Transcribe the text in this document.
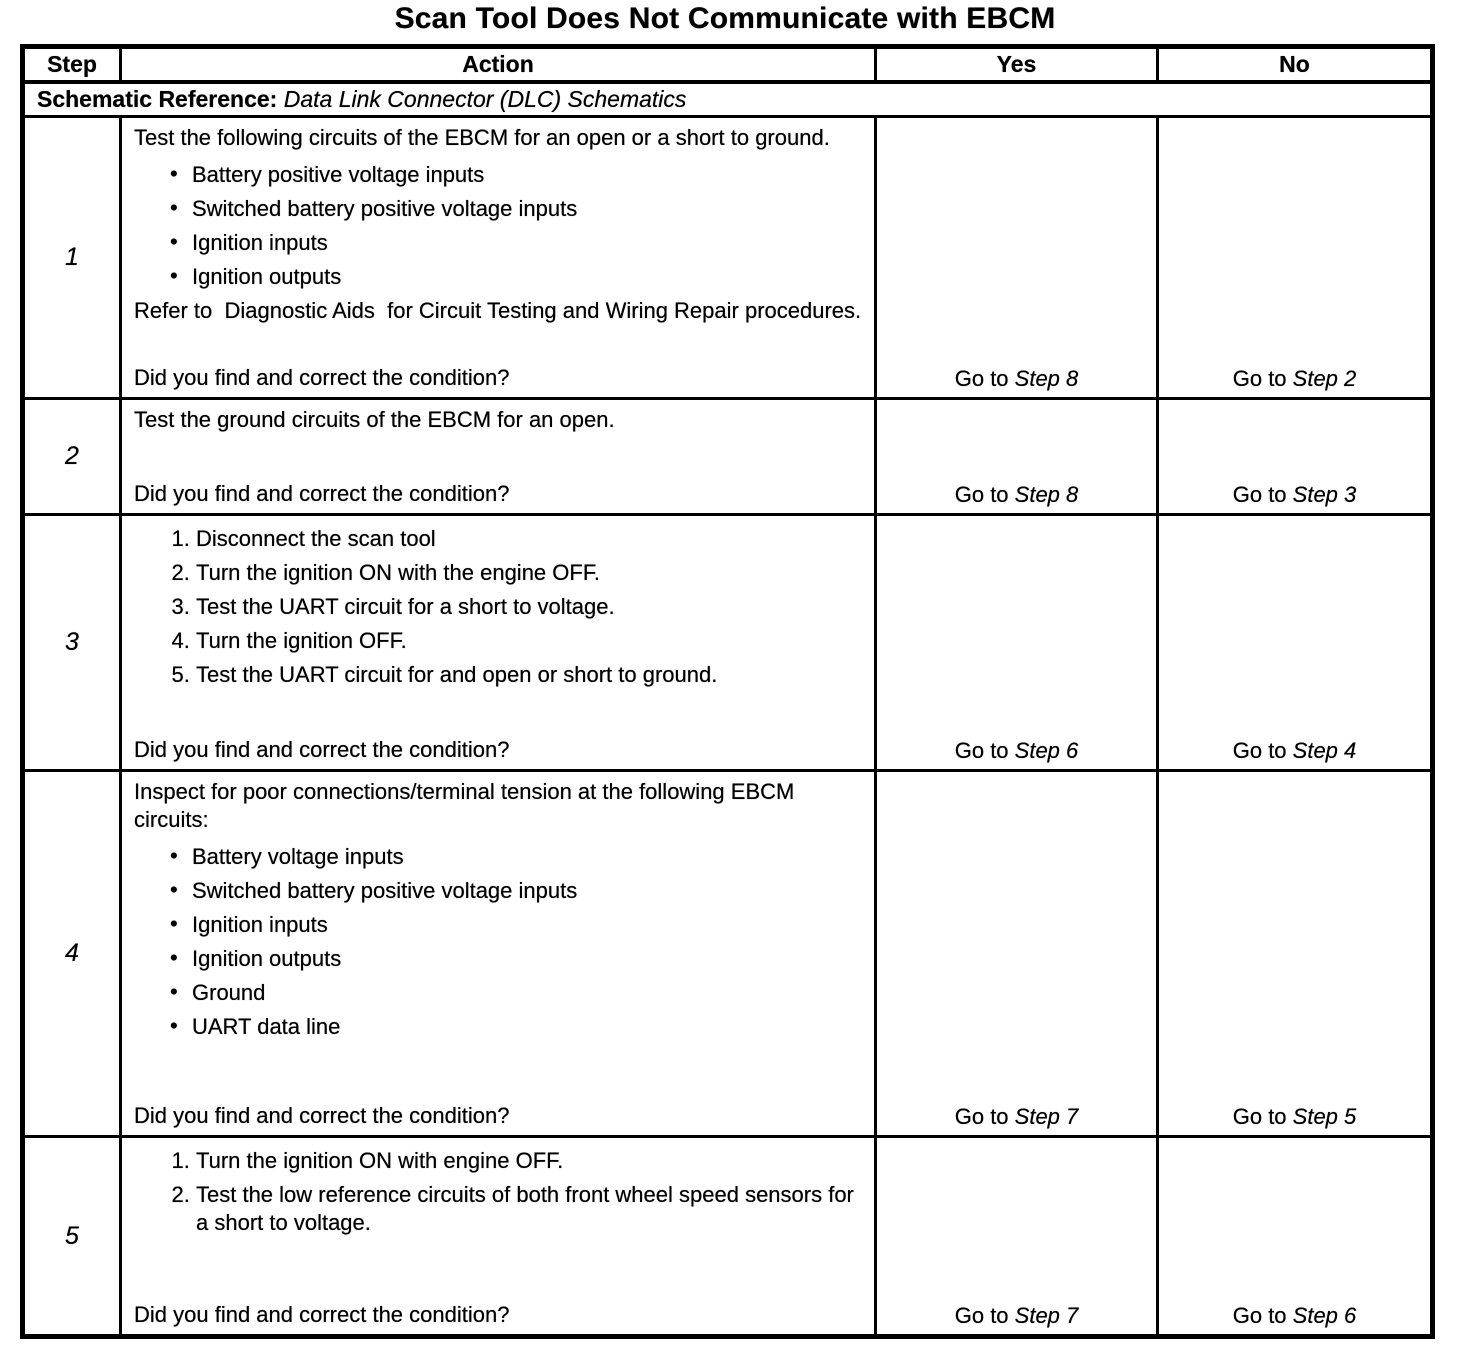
Scan Tool Does Not Communicate with EBCM
Step	Action	Yes	No
Schematic Reference: Data Link Connector (DLC) Schematics			
1	
Test the following circuits of the EBCM for an open or a short to ground.
• Battery positive voltage inputs
• Switched battery positive voltage inputs
• Ignition inputs
• Ignition outputs
Refer to  Diagnostic Aids  for Circuit Testing and Wiring Repair procedures.
Did you find and correct the condition?	Go to Step 8	Go to Step 2

2	Test the ground circuits of the EBCM for an open.
Did you find and correct the condition?	Go to Step 8	Go to Step 3

3	
1. Disconnect the scan tool
2. Turn the ignition ON with the engine OFF.
3. Test the UART circuit for a short to voltage.
4. Turn the ignition OFF.
5. Test the UART circuit for and open or short to ground.
Did you find and correct the condition?	Go to Step 6	Go to Step 4

4	
Inspect for poor connections/terminal tension at the following EBCM circuits:
• Battery voltage inputs
• Switched battery positive voltage inputs
• Ignition inputs
• Ignition outputs
• Ground
• UART data line
Did you find and correct the condition?	Go to Step 7	Go to Step 5

5	
1. Turn the ignition ON with engine OFF.
2. Test the low reference circuits of both front wheel speed sensors for a short to voltage.
Did you find and correct the condition?	Go to Step 7	Go to Step 6
